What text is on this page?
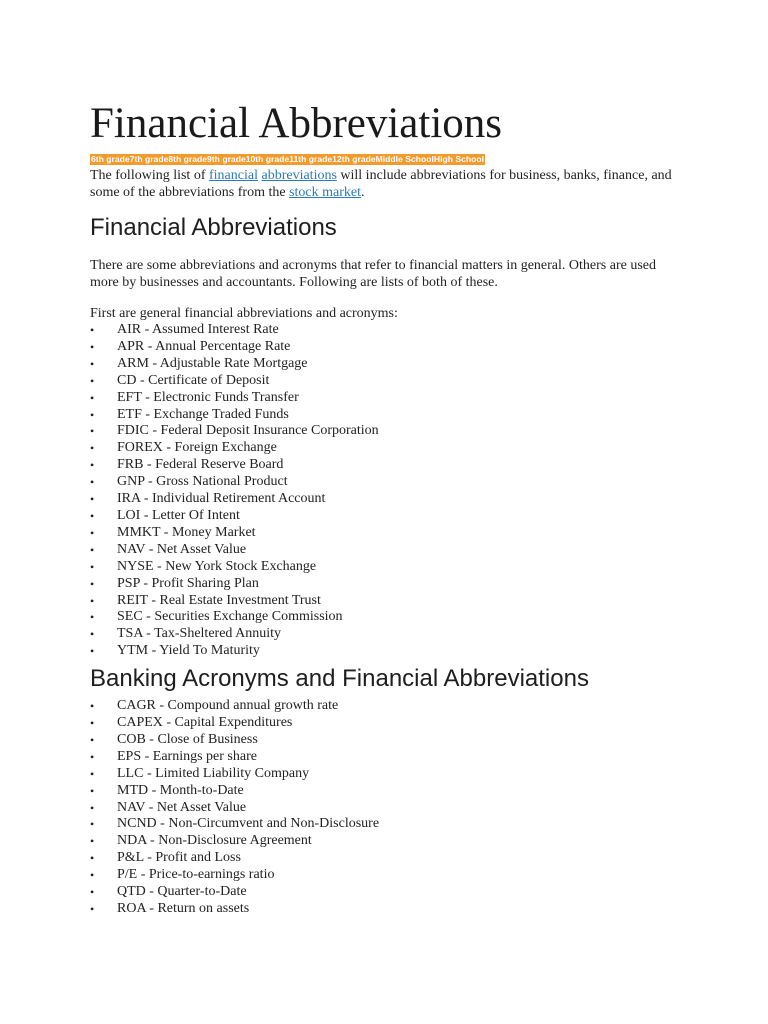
Financial Abbreviations
6th grade7th grade8th grade9th grade10th grade11th grade12th gradeMiddle SchoolHigh School

The following list of financial abbreviations will include abbreviations for business, banks, finance, and some of the abbreviations from the stock market.

Financial Abbreviations

There are some abbreviations and acronyms that refer to financial matters in general. Others are used more by businesses and accountants. Following are lists of both of these.

First are general financial abbreviations and acronyms:

• AIR - Assumed Interest Rate
• APR - Annual Percentage Rate
• ARM - Adjustable Rate Mortgage
• CD - Certificate of Deposit
• EFT - Electronic Funds Transfer
• ETF - Exchange Traded Funds
• FDIC - Federal Deposit Insurance Corporation
• FOREX - Foreign Exchange
• FRB - Federal Reserve Board
• GNP - Gross National Product
• IRA - Individual Retirement Account
• LOI - Letter Of Intent
• MMKT - Money Market
• NAV - Net Asset Value
• NYSE - New York Stock Exchange
• PSP - Profit Sharing Plan
• REIT - Real Estate Investment Trust
• SEC - Securities Exchange Commission
• TSA - Tax-Sheltered Annuity
• YTM - Yield To Maturity
Banking Acronyms and Financial Abbreviations
• CAGR - Compound annual growth rate
• CAPEX - Capital Expenditures
• COB - Close of Business
• EPS - Earnings per share
• LLC - Limited Liability Company
• MTD - Month-to-Date
• NAV - Net Asset Value
• NCND - Non-Circumvent and Non-Disclosure
• NDA - Non-Disclosure Agreement
• P&L - Profit and Loss
• P/E - Price-to-earnings ratio
• QTD - Quarter-to-Date
• ROA - Return on assets
